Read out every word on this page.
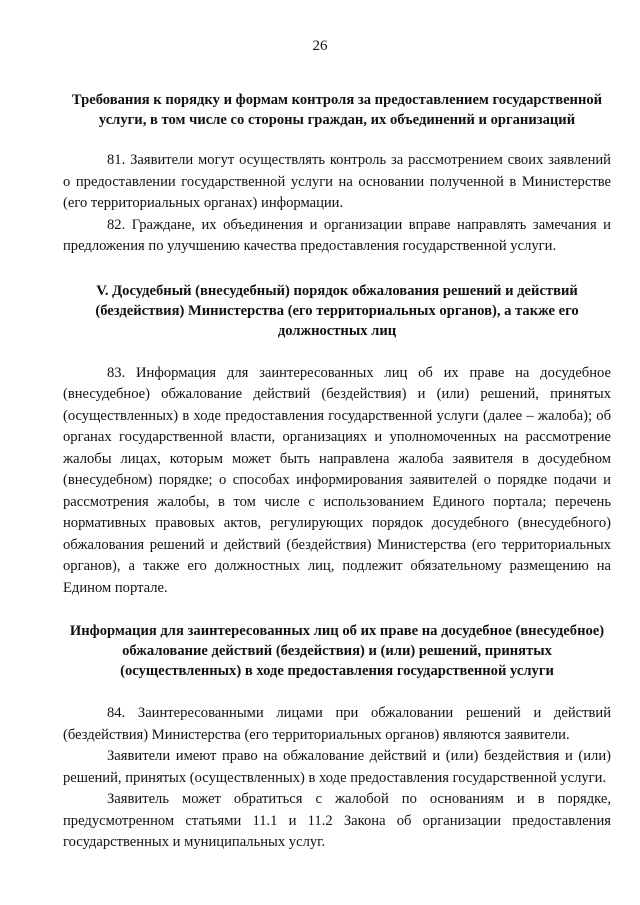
26
Требования к порядку и формам контроля за предоставлением государственной услуги, в том числе со стороны граждан, их объединений и организаций

81. Заявители могут осуществлять контроль за рассмотрением своих заявлений о предоставлении государственной услуги на основании полученной в Министерстве (его территориальных органах) информации.

82. Граждане, их объединения и организации вправе направлять замечания и предложения по улучшению качества предоставления государственной услуги.

V. Досудебный (внесудебный) порядок обжалования решений и действий (бездействия) Министерства (его территориальных органов), а также его должностных лиц

83. Информация для заинтересованных лиц об их праве на досудебное (внесудебное) обжалование действий (бездействия) и (или) решений, принятых (осуществленных) в ходе предоставления государственной услуги (далее – жалоба); об органах государственной власти, организациях и уполномоченных на рассмотрение жалобы лицах, которым может быть направлена жалоба заявителя в досудебном (внесудебном) порядке; о способах информирования заявителей о порядке подачи и рассмотрения жалобы, в том числе с использованием Единого портала; перечень нормативных правовых актов, регулирующих порядок досудебного (внесудебного) обжалования решений и действий (бездействия) Министерства (его территориальных органов), а также его должностных лиц, подлежит обязательному размещению на Едином портале.

Информация для заинтересованных лиц об их праве на досудебное (внесудебное) обжалование действий (бездействия) и (или) решений, принятых (осуществленных) в ходе предоставления государственной услуги

84. Заинтересованными лицами при обжаловании решений и действий (бездействия) Министерства (его территориальных органов) являются заявители.

Заявители имеют право на обжалование действий и (или) бездействия и (или) решений, принятых (осуществленных) в ходе предоставления государственной услуги.

Заявитель может обратиться с жалобой по основаниям и в порядке, предусмотренном статьями 11.1 и 11.2 Закона об организации предоставления государственных и муниципальных услуг.
